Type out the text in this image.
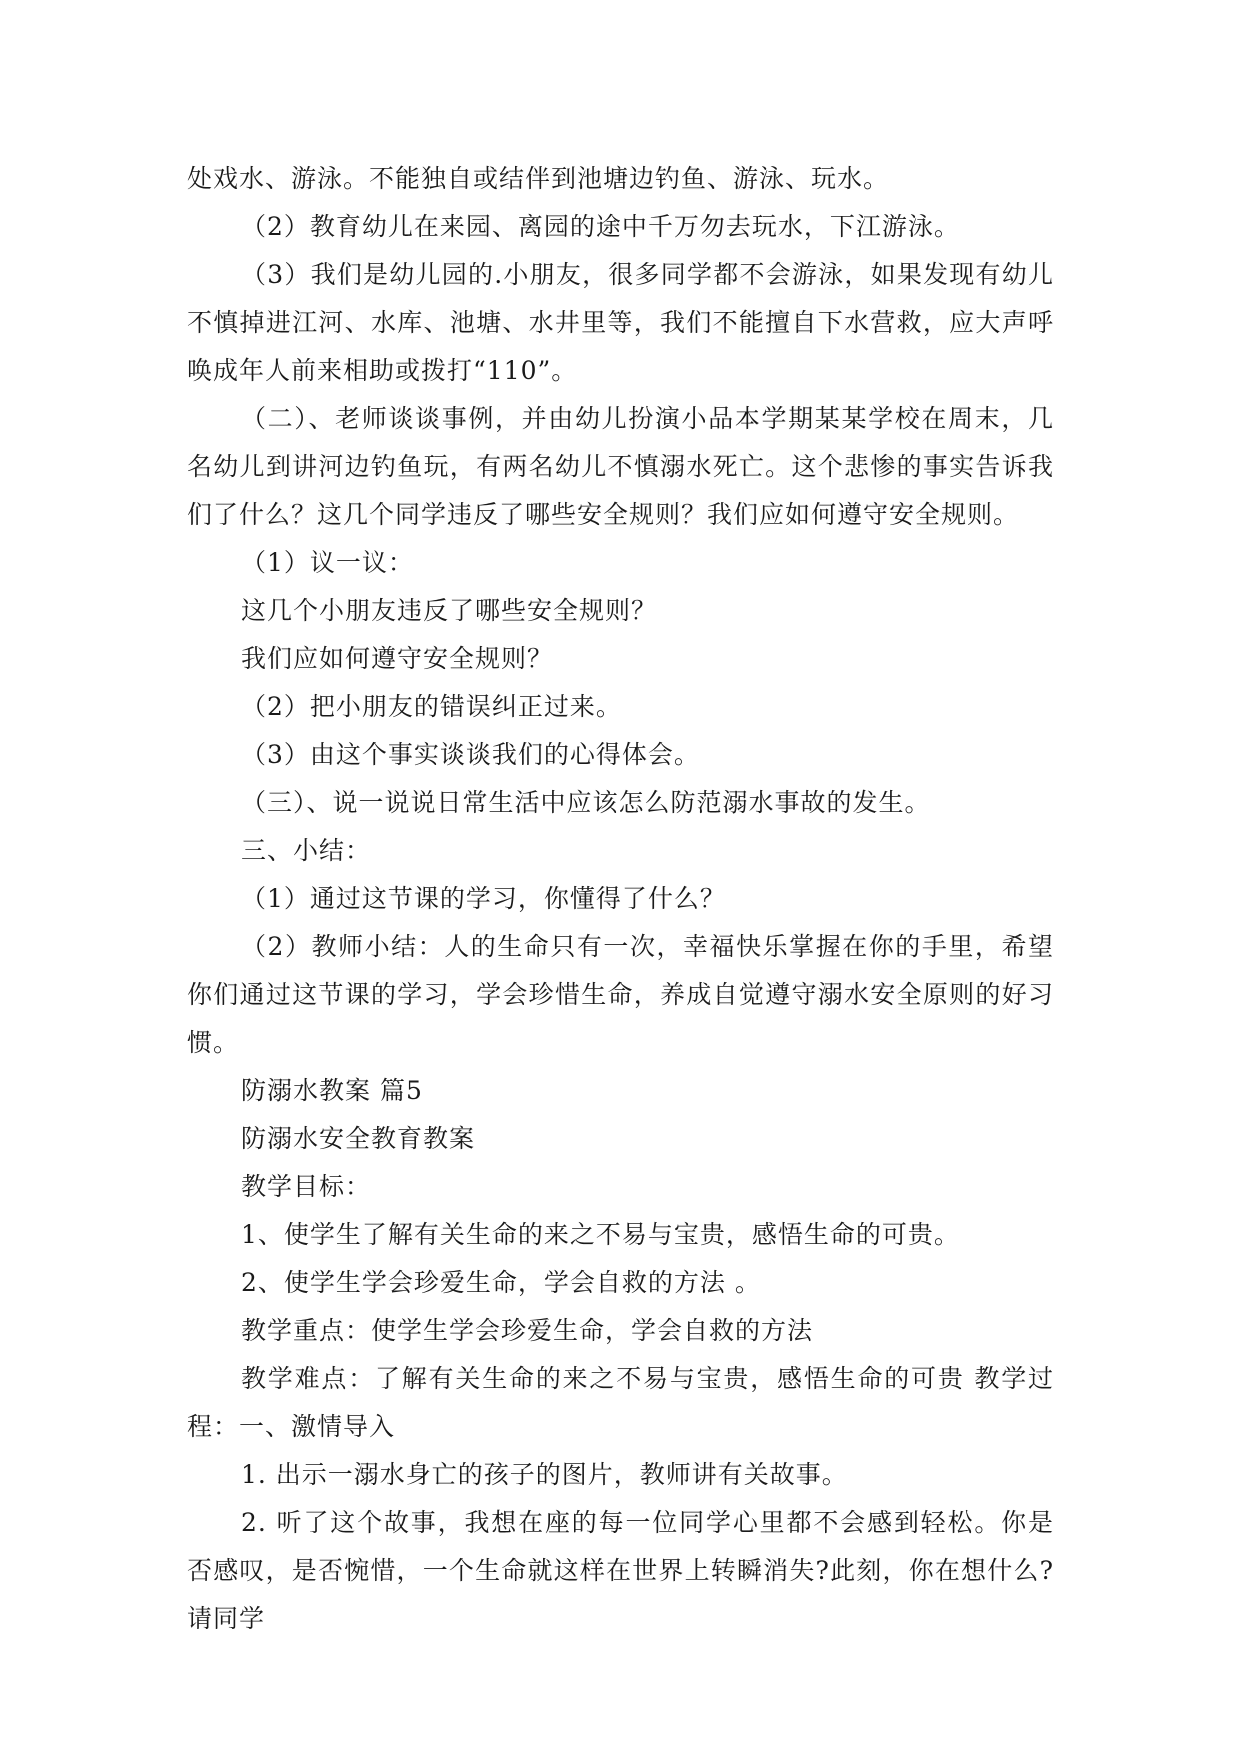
处戏水、游泳。不能独自或结伴到池塘边钓鱼、游泳、玩水。

（2）教育幼儿在来园、离园的途中千万勿去玩水，下江游泳。

（3）我们是幼儿园的.小朋友，很多同学都不会游泳，如果发现有幼儿不慎掉进江河、水库、池塘、水井里等，我们不能擅自下水营救，应大声呼唤成年人前来相助或拨打“110”。

（二）、老师谈谈事例，并由幼儿扮演小品本学期某某学校在周末，几名幼儿到讲河边钓鱼玩，有两名幼儿不慎溺水死亡。这个悲惨的事实告诉我们了什么？这几个同学违反了哪些安全规则？我们应如何遵守安全规则。

（1）议一议：

这几个小朋友违反了哪些安全规则？

我们应如何遵守安全规则？

（2）把小朋友的错误纠正过来。

（3）由这个事实谈谈我们的心得体会。

（三）、说一说说日常生活中应该怎么防范溺水事故的发生。

三、小结：

（1）通过这节课的学习，你懂得了什么？

（2）教师小结：人的生命只有一次，幸福快乐掌握在你的手里，希望你们通过这节课的学习，学会珍惜生命，养成自觉遵守溺水安全原则的好习惯。

防溺水教案 篇5

防溺水安全教育教案

教学目标：

1、使学生了解有关生命的来之不易与宝贵，感悟生命的可贵。

2、使学生学会珍爱生命，学会自救的方法 。

教学重点：使学生学会珍爱生命，学会自救的方法

教学难点：了解有关生命的来之不易与宝贵，感悟生命的可贵 教学过程：一、激情导入

1. 出示一溺水身亡的孩子的图片，教师讲有关故事。

2. 听了这个故事，我想在座的每一位同学心里都不会感到轻松。你是否感叹，是否惋惜，一个生命就这样在世界上转瞬消失?此刻，你在想什么?请同学
